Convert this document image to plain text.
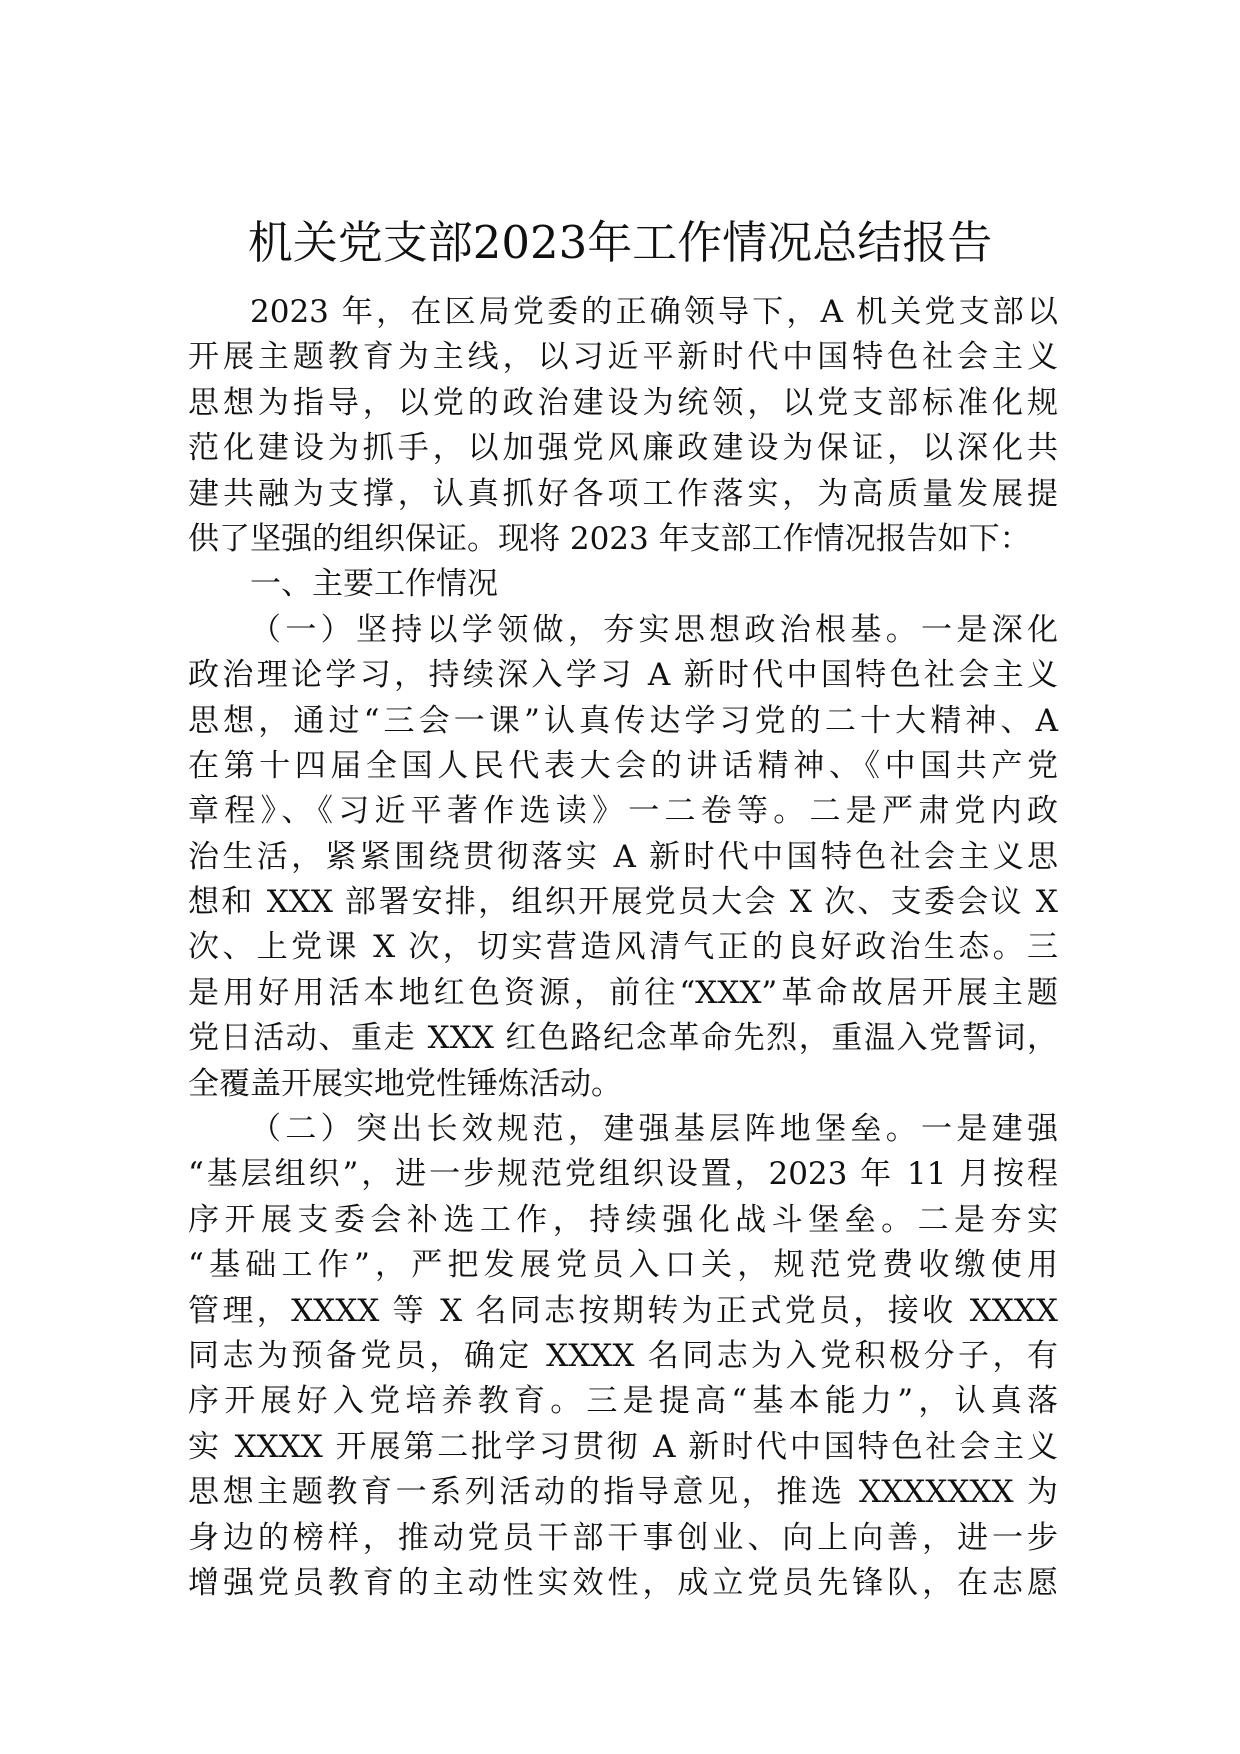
机关党支部2023年工作情况总结报告
2023 年，在区局党委的正确领导下，A 机关党支部以
开展主题教育为主线，以习近平新时代中国特色社会主义
思想为指导，以党的政治建设为统领，以党支部标准化规
范化建设为抓手，以加强党风廉政建设为保证，以深化共
建共融为支撑，认真抓好各项工作落实，为高质量发展提
供了坚强的组织保证。现将 2023 年支部工作情况报告如下：
一、主要工作情况
（一）坚持以学领做，夯实思想政治根基。一是深化
政治理论学习，持续深入学习 A 新时代中国特色社会主义
思想，通过“三会一课”认真传达学习党的二十大精神、A
在第十四届全国人民代表大会的讲话精神、《中国共产党
章程》、《习近平著作选读》一二卷等。二是严肃党内政
治生活，紧紧围绕贯彻落实 A 新时代中国特色社会主义思
想和 XXX 部署安排，组织开展党员大会 X 次、支委会议 X
次、上党课 X 次，切实营造风清气正的良好政治生态。三
是用好用活本地红色资源，前往“XXX”革命故居开展主题
党日活动、重走 XXX 红色路纪念革命先烈，重温入党誓词，
全覆盖开展实地党性锤炼活动。
（二）突出长效规范，建强基层阵地堡垒。一是建强
“基层组织”，进一步规范党组织设置，2023 年 11 月按程
序开展支委会补选工作，持续强化战斗堡垒。二是夯实
“基础工作”，严把发展党员入口关，规范党费收缴使用
管理，XXXX 等 X 名同志按期转为正式党员，接收 XXXX
同志为预备党员，确定 XXXX 名同志为入党积极分子，有
序开展好入党培养教育。三是提高“基本能力”，认真落
实 XXXX 开展第二批学习贯彻 A 新时代中国特色社会主义
思想主题教育一系列活动的指导意见，推选 XXXXXXX 为
身边的榜样，推动党员干部干事创业、向上向善，进一步
增强党员教育的主动性实效性，成立党员先锋队，在志愿
